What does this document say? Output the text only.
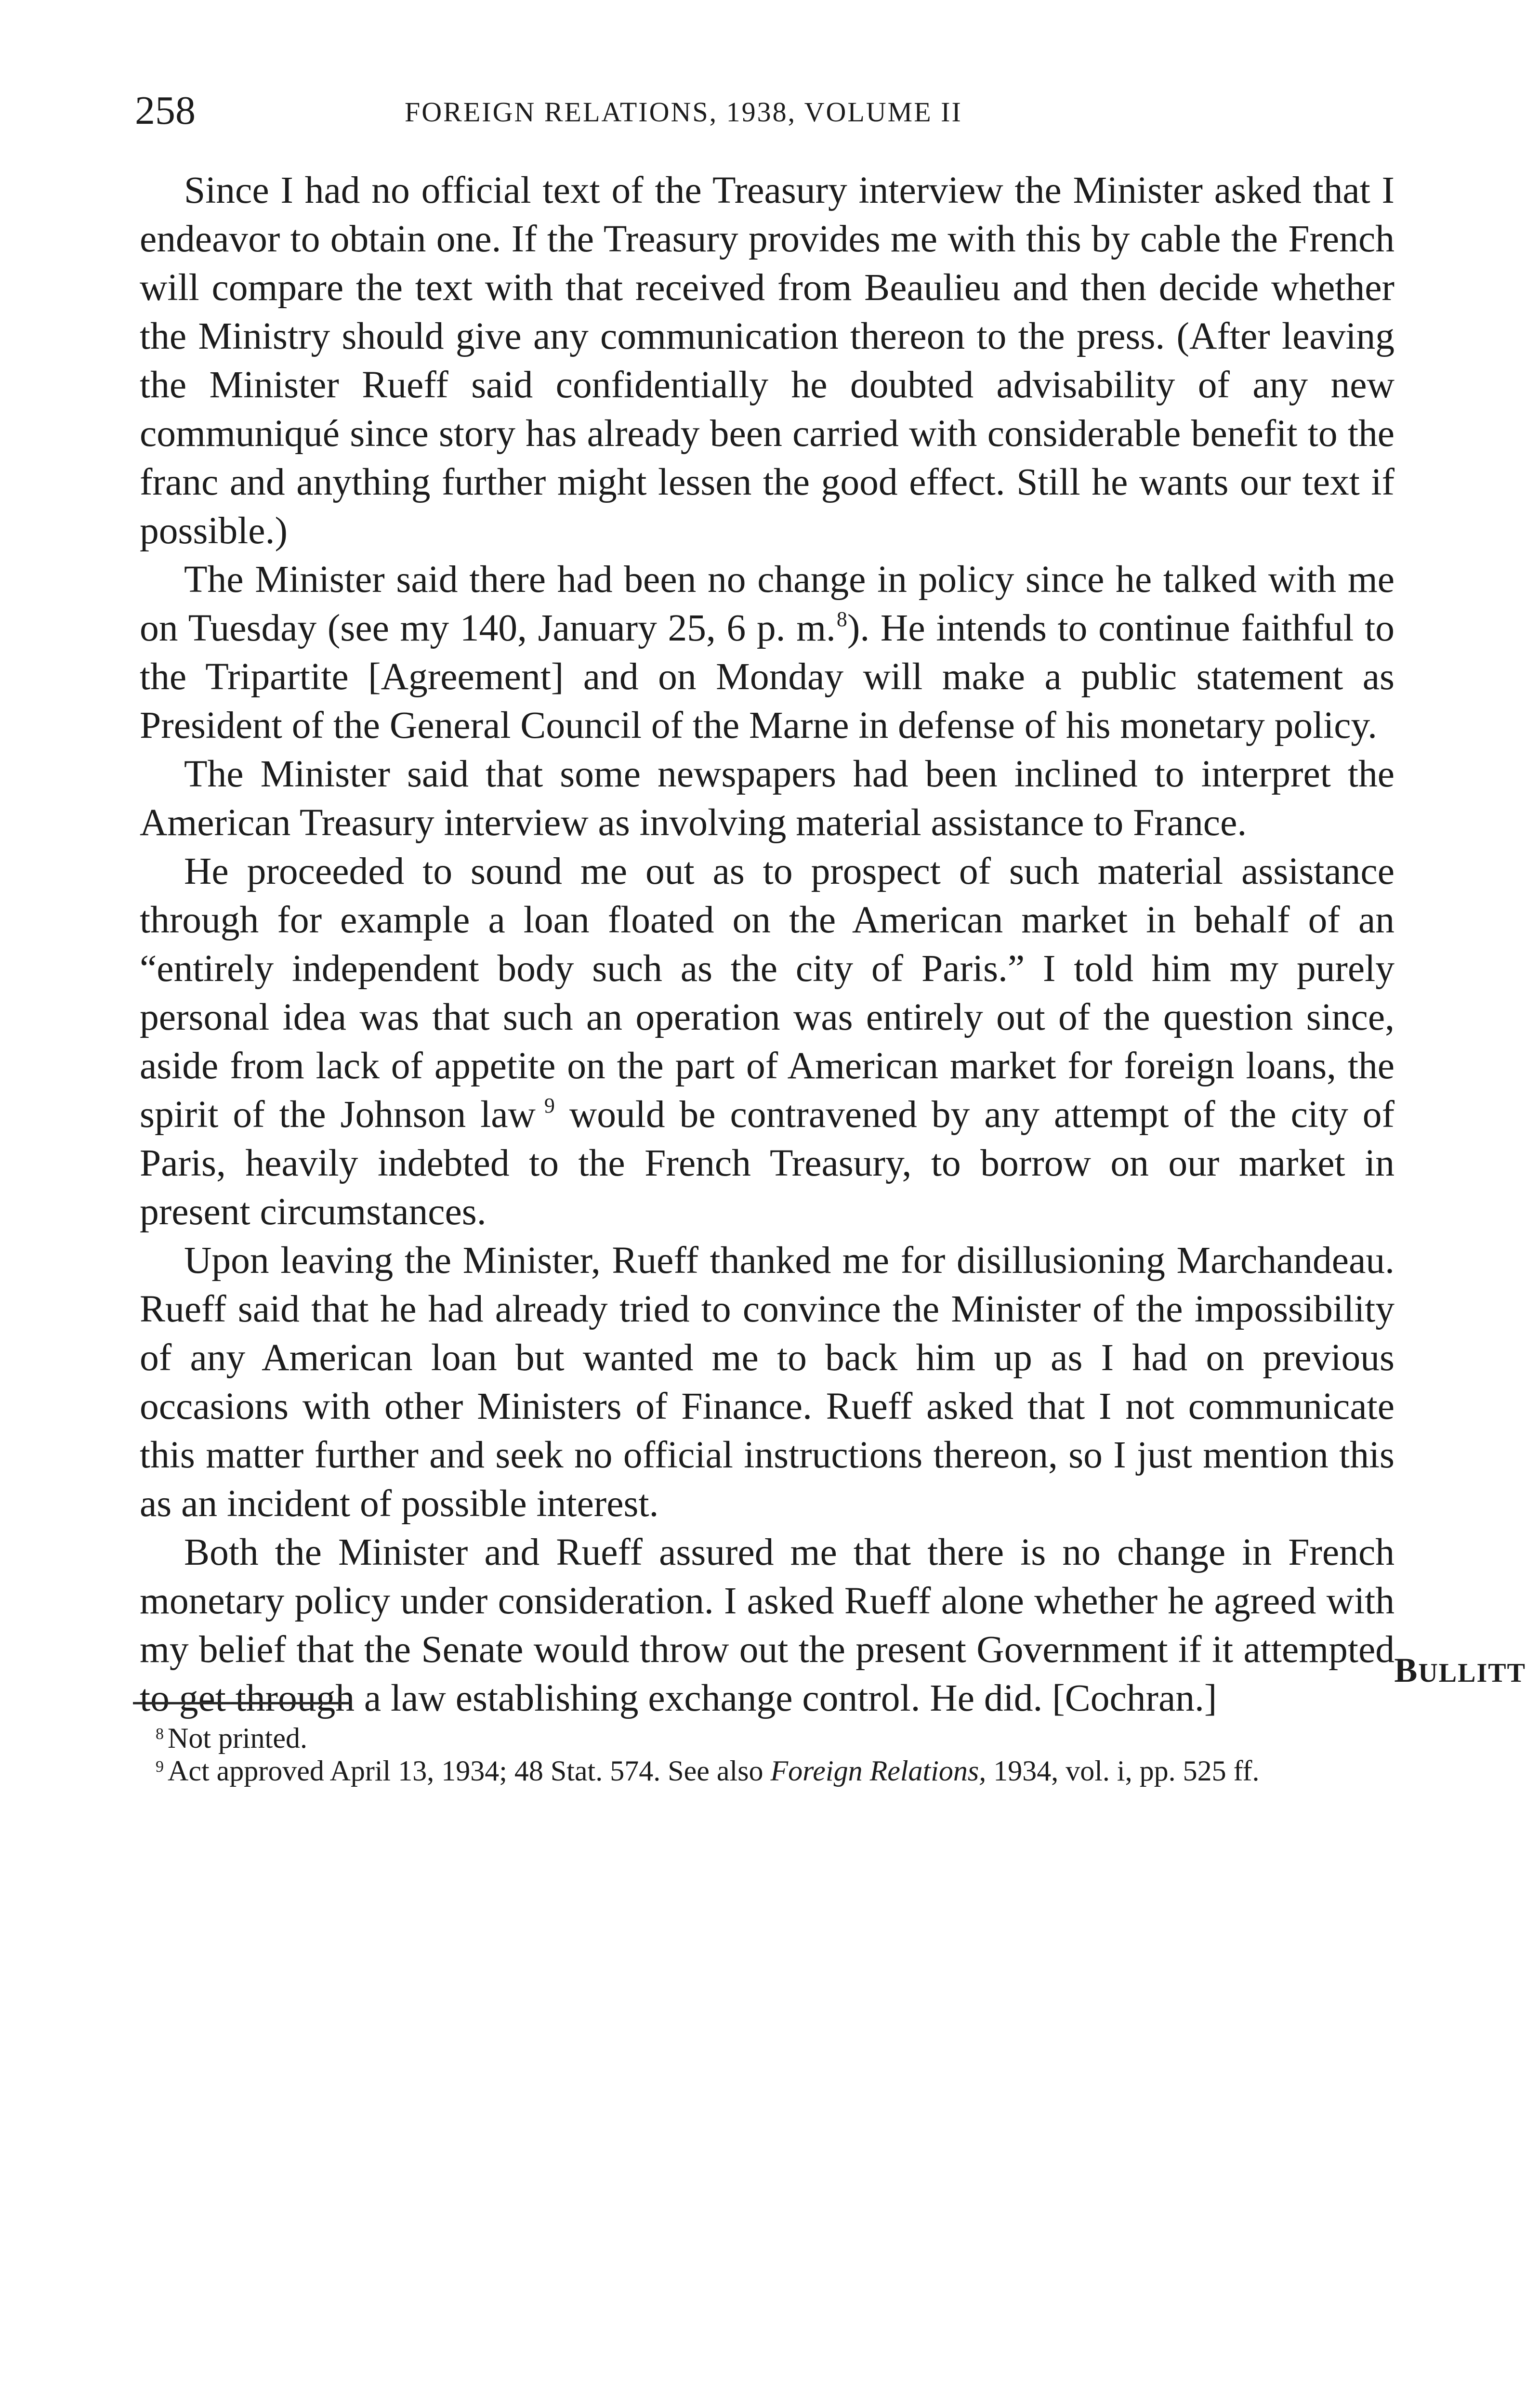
258	FOREIGN RELATIONS, 1938, VOLUME II

Since I had no official text of the Treasury interview the Minister asked that I endeavor to obtain one. If the Treasury provides me with this by cable the French will compare the text with that received from Beaulieu and then decide whether the Ministry should give any communication thereon to the press. (After leaving the Minister Rueff said confidentially he doubted advisability of any new communiqué since story has already been carried with considerable benefit to the franc and anything further might lessen the good effect. Still he wants our text if possible.)

The Minister said there had been no change in policy since he talked with me on Tuesday (see my 140, January 25, 6 p. m.$^8$). He intends to continue faithful to the Tripartite [Agreement] and on Monday will make a public statement as President of the General Council of the Marne in defense of his monetary policy.

The Minister said that some newspapers had been inclined to interpret the American Treasury interview as involving material assistance to France.

He proceeded to sound me out as to prospect of such material assistance through for example a loan floated on the American market in behalf of an “entirely independent body such as the city of Paris.” I told him my purely personal idea was that such an operation was entirely out of the question since, aside from lack of appetite on the part of American market for foreign loans, the spirit of the Johnson law  $^9$ would be contravened by any attempt of the city of Paris, heavily indebted to the French Treasury, to borrow on our market in present circumstances.

Upon leaving the Minister, Rueff thanked me for disillusioning Marchandeau. Rueff said that he had already tried to convince the Minister of the impossibility of any American loan but wanted me to back him up as I had on previous occasions with other Ministers of Finance. Rueff asked that I not communicate this matter further and seek no official instructions thereon, so I just mention this as an incident of possible interest.

Both the Minister and Rueff assured me that there is no change in French monetary policy under consideration. I asked Rueff alone whether he agreed with my belief that the Senate would throw out the present Government if it attempted to get through a law establishing exchange control. He did. [Cochran.]

BULLITT

$^8$ Not printed.

$^9$ Act approved April 13, 1934; 48 Stat. 574. See also Foreign Relations, 1934, vol. i, pp. 525 ff.
